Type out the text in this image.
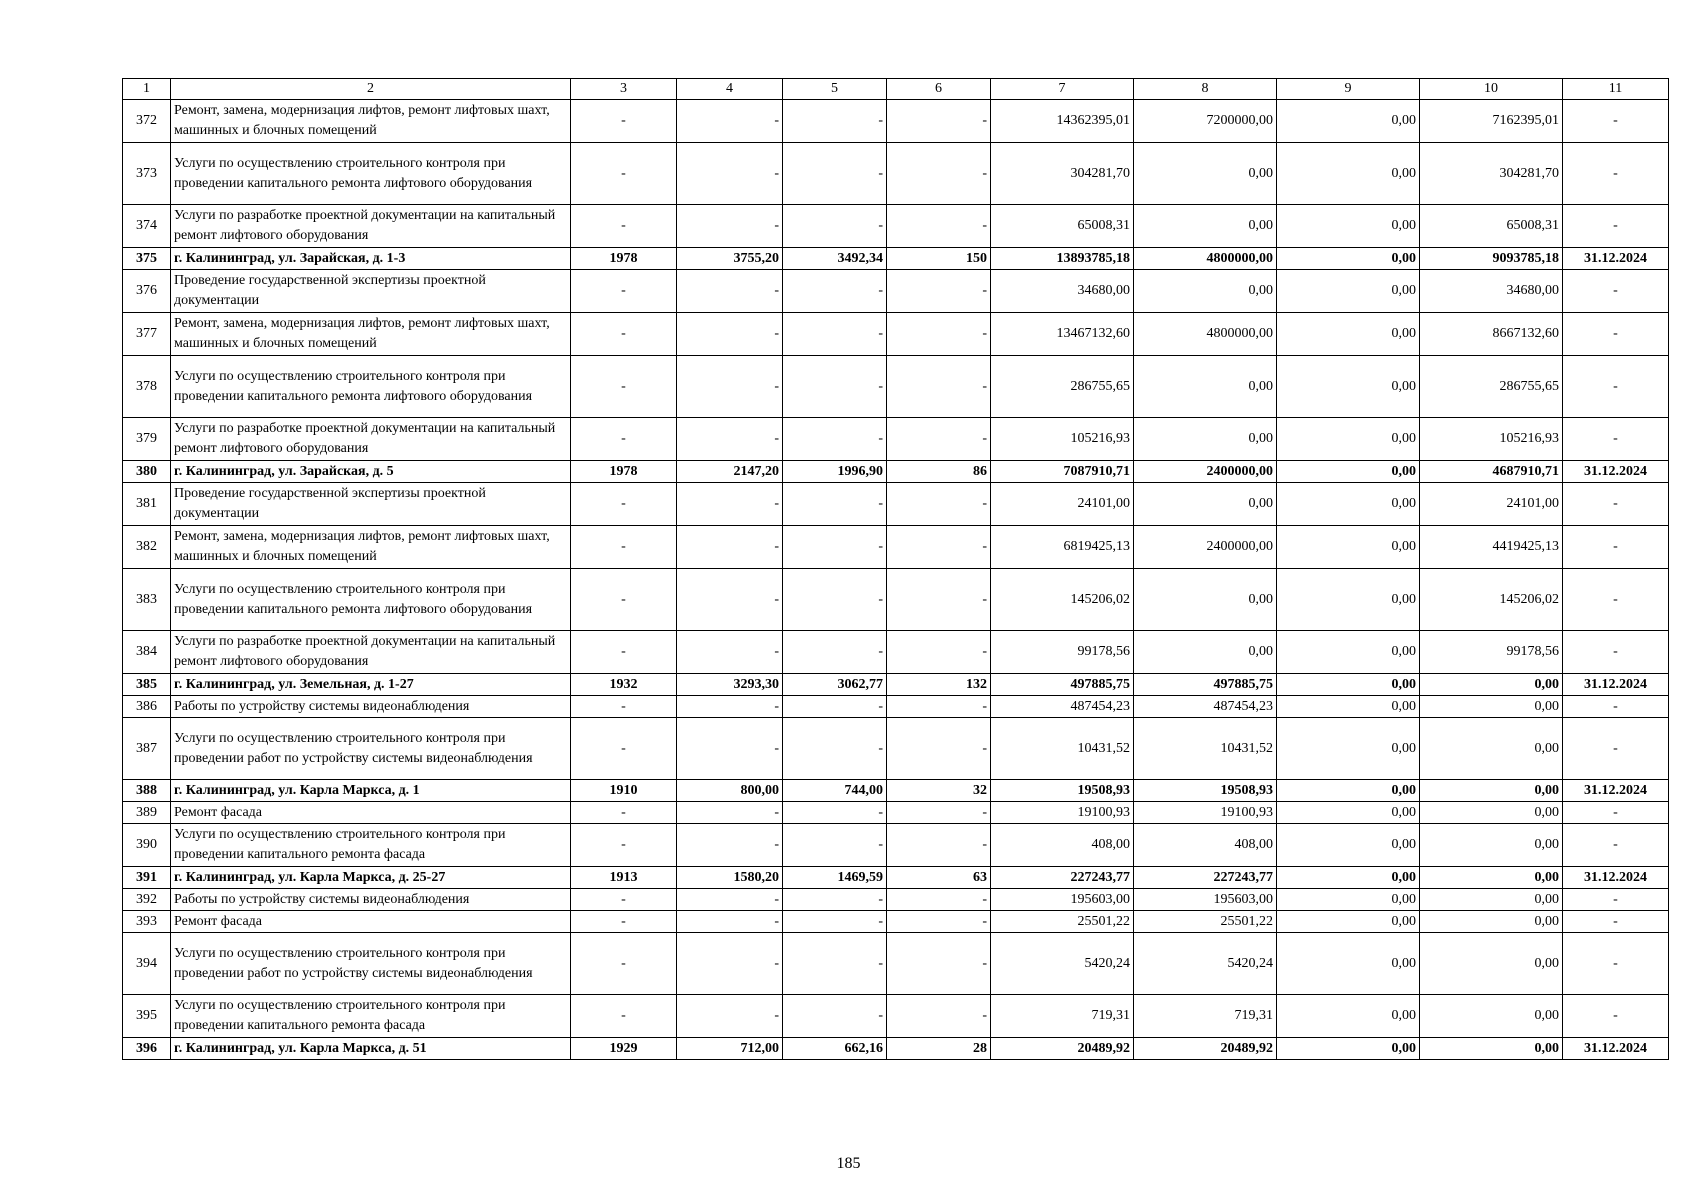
1	2	3	4	5	6	7	8	9	10	11
372	Ремонт, замена, модернизация лифтов, ремонт лифтовых шахт, машинных и блочных помещений	-	-	-	-	14362395,01	7200000,00	0,00	7162395,01	-
373	Услуги по осуществлению строительного контроля при проведении капитального ремонта лифтового оборудования	-	-	-	-	304281,70	0,00	0,00	304281,70	-
374	Услуги по разработке проектной документации на капитальный ремонт лифтового оборудования	-	-	-	-	65008,31	0,00	0,00	65008,31	-
375	г. Калининград, ул. Зарайская, д. 1-3	1978	3755,20	3492,34	150	13893785,18	4800000,00	0,00	9093785,18	31.12.2024
376	Проведение государственной экспертизы проектной документации	-	-	-	-	34680,00	0,00	0,00	34680,00	-
377	Ремонт, замена, модернизация лифтов, ремонт лифтовых шахт, машинных и блочных помещений	-	-	-	-	13467132,60	4800000,00	0,00	8667132,60	-
378	Услуги по осуществлению строительного контроля при проведении капитального ремонта лифтового оборудования	-	-	-	-	286755,65	0,00	0,00	286755,65	-
379	Услуги по разработке проектной документации на капитальный ремонт лифтового оборудования	-	-	-	-	105216,93	0,00	0,00	105216,93	-
380	г. Калининград, ул. Зарайская, д. 5	1978	2147,20	1996,90	86	7087910,71	2400000,00	0,00	4687910,71	31.12.2024
381	Проведение государственной экспертизы проектной документации	-	-	-	-	24101,00	0,00	0,00	24101,00	-
382	Ремонт, замена, модернизация лифтов, ремонт лифтовых шахт, машинных и блочных помещений	-	-	-	-	6819425,13	2400000,00	0,00	4419425,13	-
383	Услуги по осуществлению строительного контроля при проведении капитального ремонта лифтового оборудования	-	-	-	-	145206,02	0,00	0,00	145206,02	-
384	Услуги по разработке проектной документации на капитальный ремонт лифтового оборудования	-	-	-	-	99178,56	0,00	0,00	99178,56	-
385	г. Калининград, ул. Земельная, д. 1-27	1932	3293,30	3062,77	132	497885,75	497885,75	0,00	0,00	31.12.2024
386	Работы по устройству системы видеонаблюдения	-	-	-	-	487454,23	487454,23	0,00	0,00	-
387	Услуги по осуществлению строительного контроля при проведении работ по устройству системы видеонаблюдения	-	-	-	-	10431,52	10431,52	0,00	0,00	-
388	г. Калининград, ул. Карла Маркса, д. 1	1910	800,00	744,00	32	19508,93	19508,93	0,00	0,00	31.12.2024
389	Ремонт фасада	-	-	-	-	19100,93	19100,93	0,00	0,00	-
390	Услуги по осуществлению строительного контроля при проведении капитального ремонта фасада	-	-	-	-	408,00	408,00	0,00	0,00	-
391	г. Калининград, ул. Карла Маркса, д. 25-27	1913	1580,20	1469,59	63	227243,77	227243,77	0,00	0,00	31.12.2024
392	Работы по устройству системы видеонаблюдения	-	-	-	-	195603,00	195603,00	0,00	0,00	-
393	Ремонт фасада	-	-	-	-	25501,22	25501,22	0,00	0,00	-
394	Услуги по осуществлению строительного контроля при проведении работ по устройству системы видеонаблюдения	-	-	-	-	5420,24	5420,24	0,00	0,00	-
395	Услуги по осуществлению строительного контроля при проведении капитального ремонта фасада	-	-	-	-	719,31	719,31	0,00	0,00	-
396	г. Калининград, ул. Карла Маркса, д. 51	1929	712,00	662,16	28	20489,92	20489,92	0,00	0,00	31.12.2024
185
